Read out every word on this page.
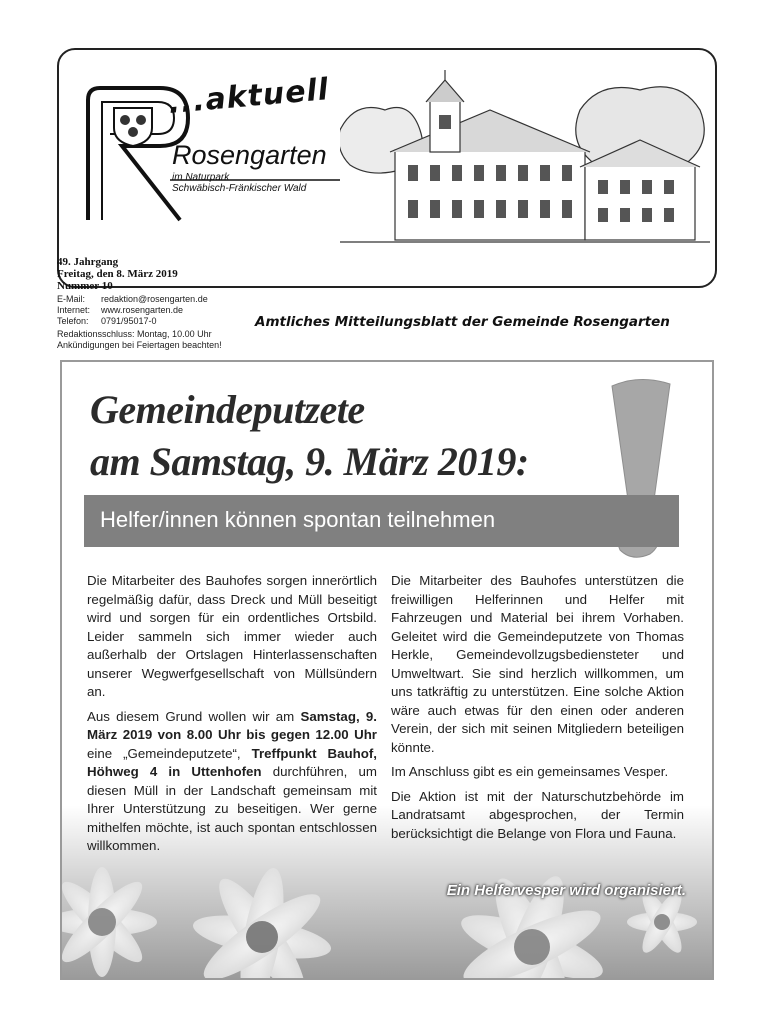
...aktuell
Rosengarten
im Naturpark
Schwäbisch-Fränkischer Wald
49. Jahrgang
Freitag, den 8. März 2019
Nummer 10
E-Mail:	redaktion@rosengarten.de
Internet:	www.rosengarten.de
Telefon:	0791/95017-0
Redaktionsschluss: Montag, 10.00 Uhr
Ankündigungen bei Feiertagen beachten!
Amtliches Mitteilungsblatt der Gemeinde Rosengarten
Gemeindeputzete
am Samstag, 9. März 2019:
Helfer/innen können spontan teilnehmen

Die Mitarbeiter des Bauhofes sorgen innerörtlich regelmäßig dafür, dass Dreck und Müll beseitigt wird und sorgen für ein ordentliches Ortsbild. Leider sammeln sich immer wieder auch außerhalb der Ortslagen Hinterlassenschaften unserer Wegwerfgesellschaft von Müllsündern an.

Aus diesem Grund wollen wir am Samstag, 9. März 2019 von 8.00 Uhr bis gegen 12.00 Uhr eine „Gemeindeputzete“, Treffpunkt Bauhof, Höhweg 4 in Uttenhofen durchführen, um diesen Müll in der Landschaft gemeinsam mit Ihrer Unterstützung zu beseitigen. Wer gerne mithelfen möchte, ist auch spontan entschlossen willkommen.

Die Mitarbeiter des Bauhofes unterstützen die freiwilligen Helferinnen und Helfer mit Fahrzeugen und Material bei ihrem Vorhaben. Geleitet wird die Gemeindeputzete von Thomas Herkle, Gemeindevollzugsbediensteter und Umweltwart. Sie sind herzlich willkommen, um uns tatkräftig zu unterstützen. Eine solche Aktion wäre auch etwas für den einen oder anderen Verein, der sich mit seinen Mitgliedern beteiligen könnte.

Im Anschluss gibt es ein gemeinsames Vesper.

Die Aktion ist mit der Naturschutzbehörde im Landratsamt abgesprochen, der Termin berücksichtigt die Belange von Flora und Fauna.

Ein Helfervesper wird organisiert.
